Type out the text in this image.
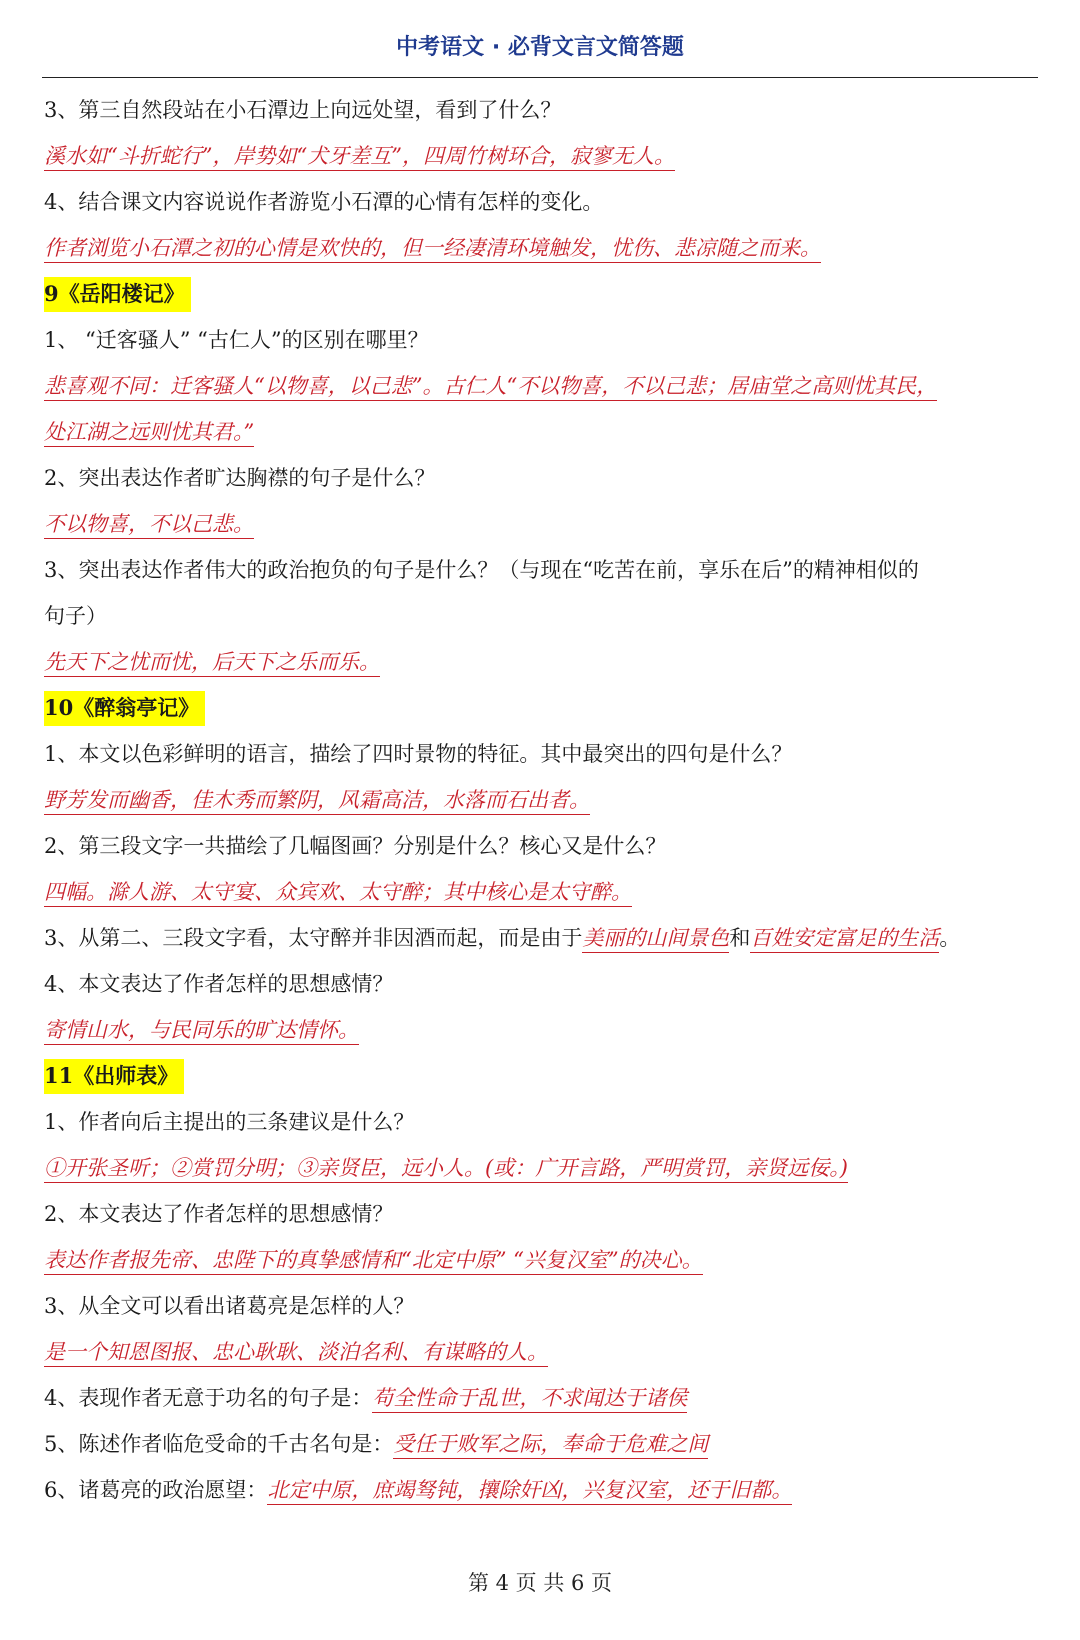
中考语文 · 必背文言文简答题
3、第三自然段站在小石潭边上向远处望，看到了什么？
溪水如“斗折蛇行”，岸势如“犬牙差互”，四周竹树环合，寂寥无人。
4、结合课文内容说说作者游览小石潭的心情有怎样的变化。
作者浏览小石潭之初的心情是欢快的，但一经凄清环境触发，忧伤、悲凉随之而来。
9《岳阳楼记》
1、 “迁客骚人” “古仁人”的区别在哪里？
悲喜观不同：迁客骚人“以物喜，以己悲”。古仁人“不以物喜，不以己悲；居庙堂之高则忧其民，
处江湖之远则忧其君。”
2、突出表达作者旷达胸襟的句子是什么？
不以物喜，不以己悲。
3、突出表达作者伟大的政治抱负的句子是什么？（与现在“吃苦在前，享乐在后”的精神相似的
句子）
先天下之忧而忧，后天下之乐而乐。
10《醉翁亭记》
1、本文以色彩鲜明的语言，描绘了四时景物的特征。其中最突出的四句是什么？
野芳发而幽香，佳木秀而繁阴，风霜高洁，水落而石出者。
2、第三段文字一共描绘了几幅图画？分别是什么？核心又是什么？
四幅。滁人游、太守宴、众宾欢、太守醉；其中核心是太守醉。
3、从第二、三段文字看，太守醉并非因酒而起，而是由于美丽的山间景色和百姓安定富足的生活。
4、本文表达了作者怎样的思想感情？
寄情山水，与民同乐的旷达情怀。
11《出师表》
1、作者向后主提出的三条建议是什么？
①开张圣听；②赏罚分明；③亲贤臣，远小人。(或：广开言路，严明赏罚，亲贤远佞。)
2、本文表达了作者怎样的思想感情？
表达作者报先帝、忠陛下的真挚感情和“北定中原” “兴复汉室”的决心。
3、从全文可以看出诸葛亮是怎样的人？
是一个知恩图报、忠心耿耿、淡泊名利、有谋略的人。
4、表现作者无意于功名的句子是：苟全性命于乱世，不求闻达于诸侯
5、陈述作者临危受命的千古名句是：受任于败军之际，奉命于危难之间
6、诸葛亮的政治愿望：北定中原，庶竭驽钝，攘除奸凶，兴复汉室，还于旧都。
第 4 页 共 6 页
